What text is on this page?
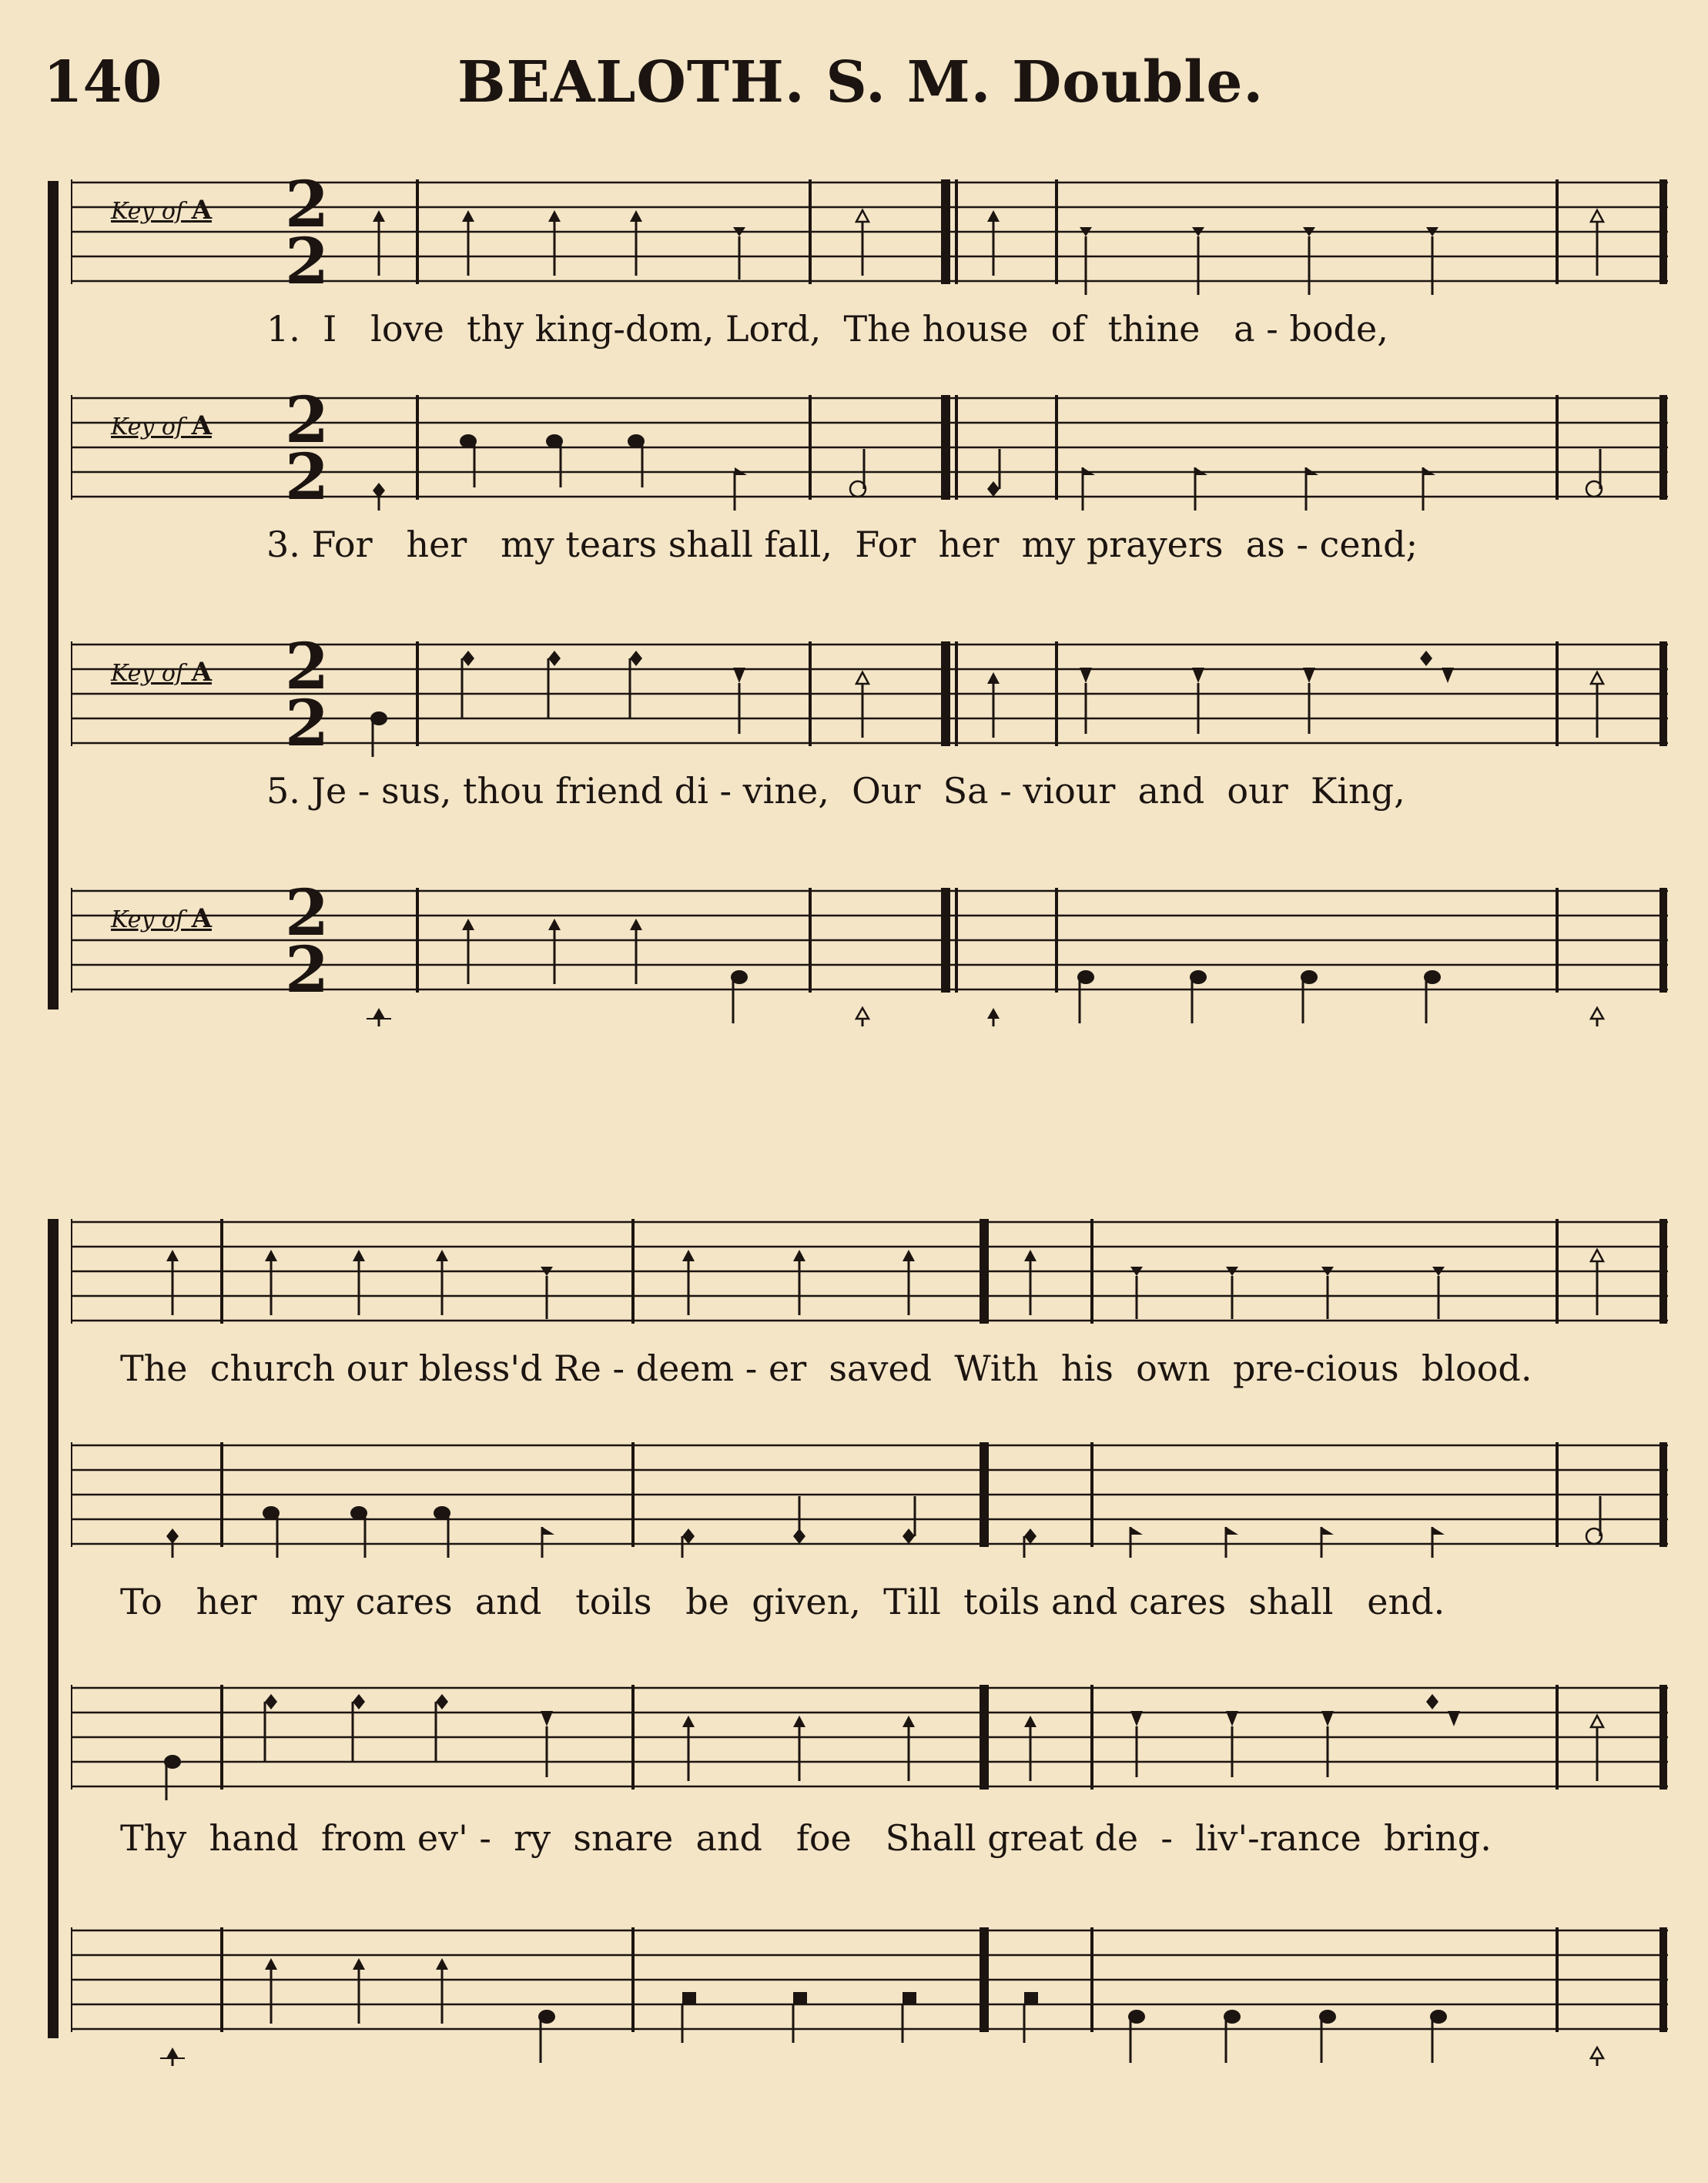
140	BEALOTH. S. M. Double.
Key of A 2
2
1.  I   love  thy king-dom, Lord,  The house  of  thine   a - bode,
Key of A 2
2
3. For   her   my tears shall fall,  For  her  my prayers  as - cend;
Key of A 2
2
5. Je - sus, thou friend di - vine,  Our  Sa - viour  and  our  King,
Key of A 2
2
The  church our bless'd Re - deem - er  saved  With  his  own  pre-cious  blood.
To   her   my cares  and   toils   be  given,  Till  toils and cares  shall   end.
Thy  hand  from ev' -  ry  snare  and   foe   Shall great de  -  liv'-rance  bring.
